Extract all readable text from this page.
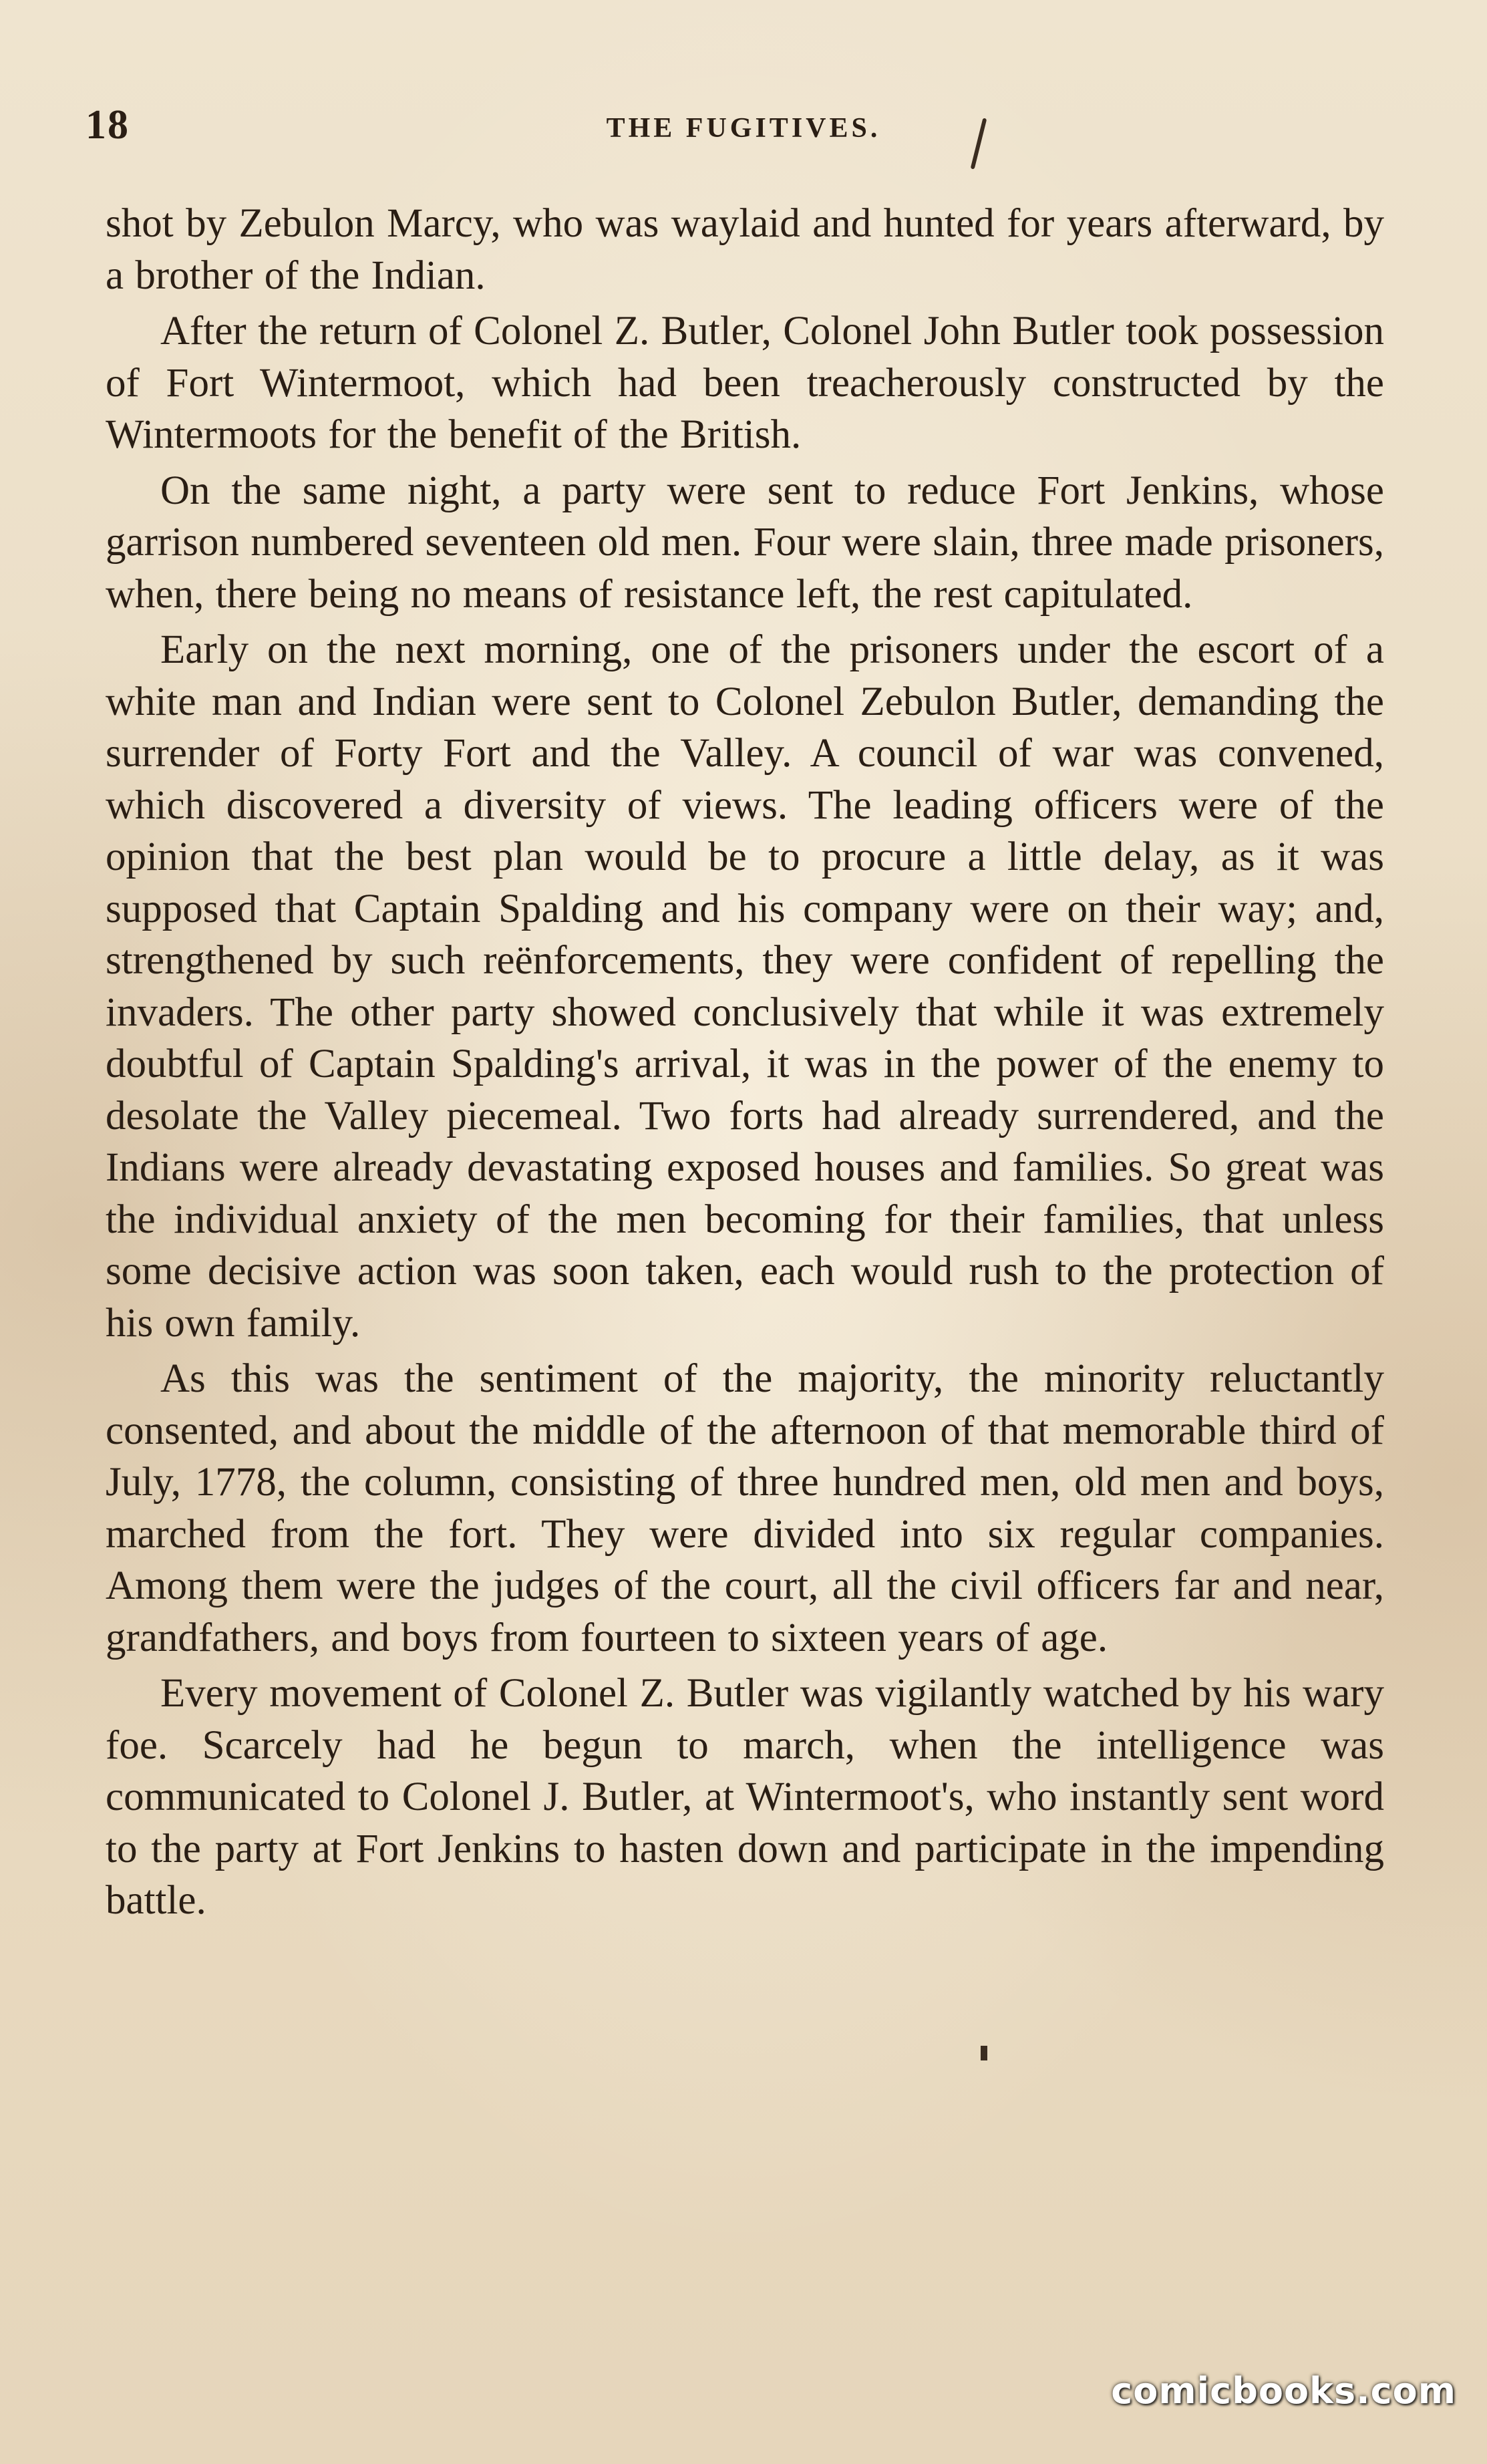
18	THE FUGITIVES.

shot by Zebulon Marcy, who was waylaid and hunted for years afterward, by a brother of the Indian.

After the return of Colonel Z. Butler, Colonel John Butler took possession of Fort Wintermoot, which had been treacherously constructed by the Wintermoots for the benefit of the British.

On the same night, a party were sent to reduce Fort Jenkins, whose garrison numbered seventeen old men. Four were slain, three made prisoners, when, there being no means of resistance left, the rest capitulated.

Early on the next morning, one of the prisoners under the escort of a white man and Indian were sent to Colonel Zebulon Butler, demanding the surrender of Forty Fort and the Valley. A council of war was convened, which discovered a diversity of views. The leading officers were of the opinion that the best plan would be to procure a little delay, as it was supposed that Captain Spalding and his company were on their way; and, strengthened by such reënforcements, they were confident of repelling the invaders. The other party showed conclusively that while it was extremely doubtful of Captain Spalding's arrival, it was in the power of the enemy to desolate the Valley piecemeal. Two forts had already surrendered, and the Indians were already devastating exposed houses and families. So great was the individual anxiety of the men becoming for their families, that unless some decisive action was soon taken, each would rush to the protection of his own family.

As this was the sentiment of the majority, the minority reluctantly consented, and about the middle of the afternoon of that memorable third of July, 1778, the column, consisting of three hundred men, old men and boys, marched from the fort. They were divided into six regular companies. Among them were the judges of the court, all the civil officers far and near, grandfathers, and boys from fourteen to sixteen years of age.

Every movement of Colonel Z. Butler was vigilantly watched by his wary foe. Scarcely had he begun to march, when the intelligence was communicated to Colonel J. Butler, at Wintermoot's, who instantly sent word to the party at Fort Jenkins to hasten down and participate in the impending battle.

comicbooks.com
